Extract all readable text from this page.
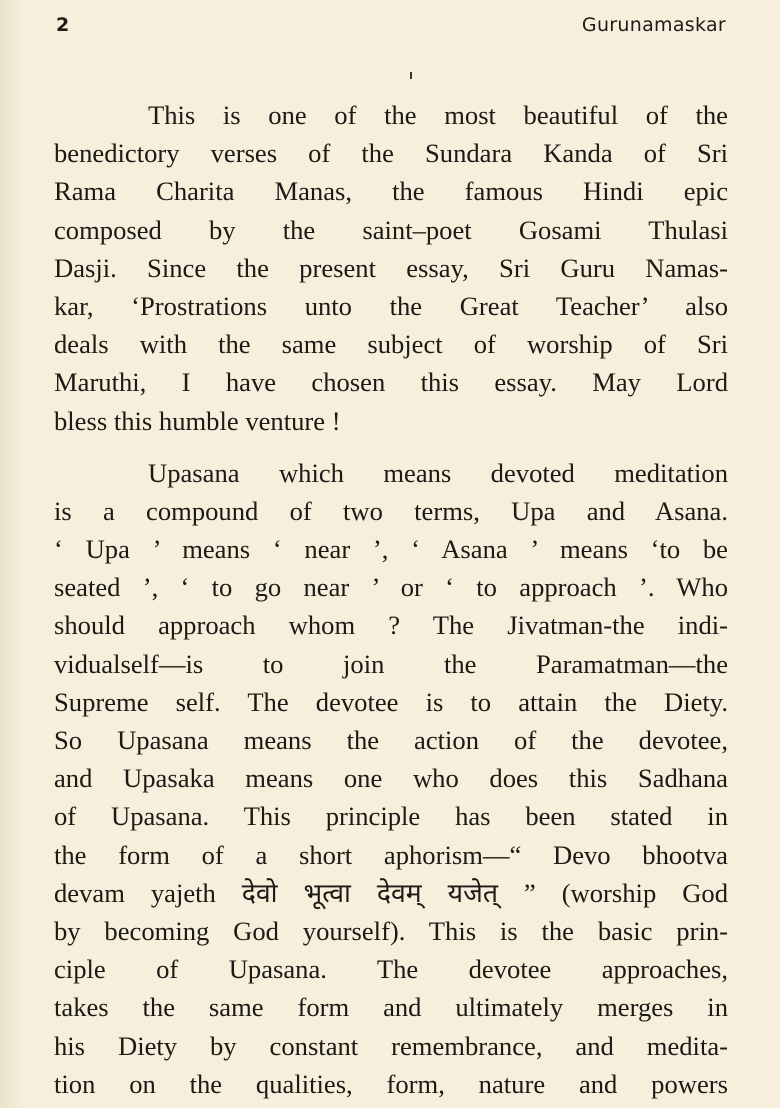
2	Gurunamaskar

This is one of the most beautiful of the
benedictory verses of the Sundara Kanda of Sri
Rama Charita Manas, the famous Hindi epic
composed by the saint–poet Gosami Thulasi
Dasji. Since the present essay, Sri Guru Namas-
kar, ‘Prostrations unto the Great Teacher’ also
deals with the same subject of worship of Sri
Maruthi, I have chosen this essay. May Lord
bless this humble venture !

Upasana which means devoted meditation
is a compound of two terms, Upa and Asana.
‘ Upa ’ means ‘ near ’, ‘ Asana ’ means ‘to be
seated ’, ‘ to go near ’ or ‘ to approach ’. Who
should approach whom ? The Jivatman-the indi-
vidualself—is to join the Paramatman—the
Supreme self. The devotee is to attain the Diety.
So Upasana means the action of the devotee,
and Upasaka means one who does this Sadhana
of Upasana. This principle has been stated in
the form of a short aphorism—“ Devo bhootva
devam yajeth देवो भूत्वा देवम् यजेत् ” (worship God
by becoming God yourself). This is the basic prin-
ciple of Upasana. The devotee approaches,
takes the same form and ultimately merges in
his Diety by constant remembrance, and medita-
tion on the qualities, form, nature and powers
